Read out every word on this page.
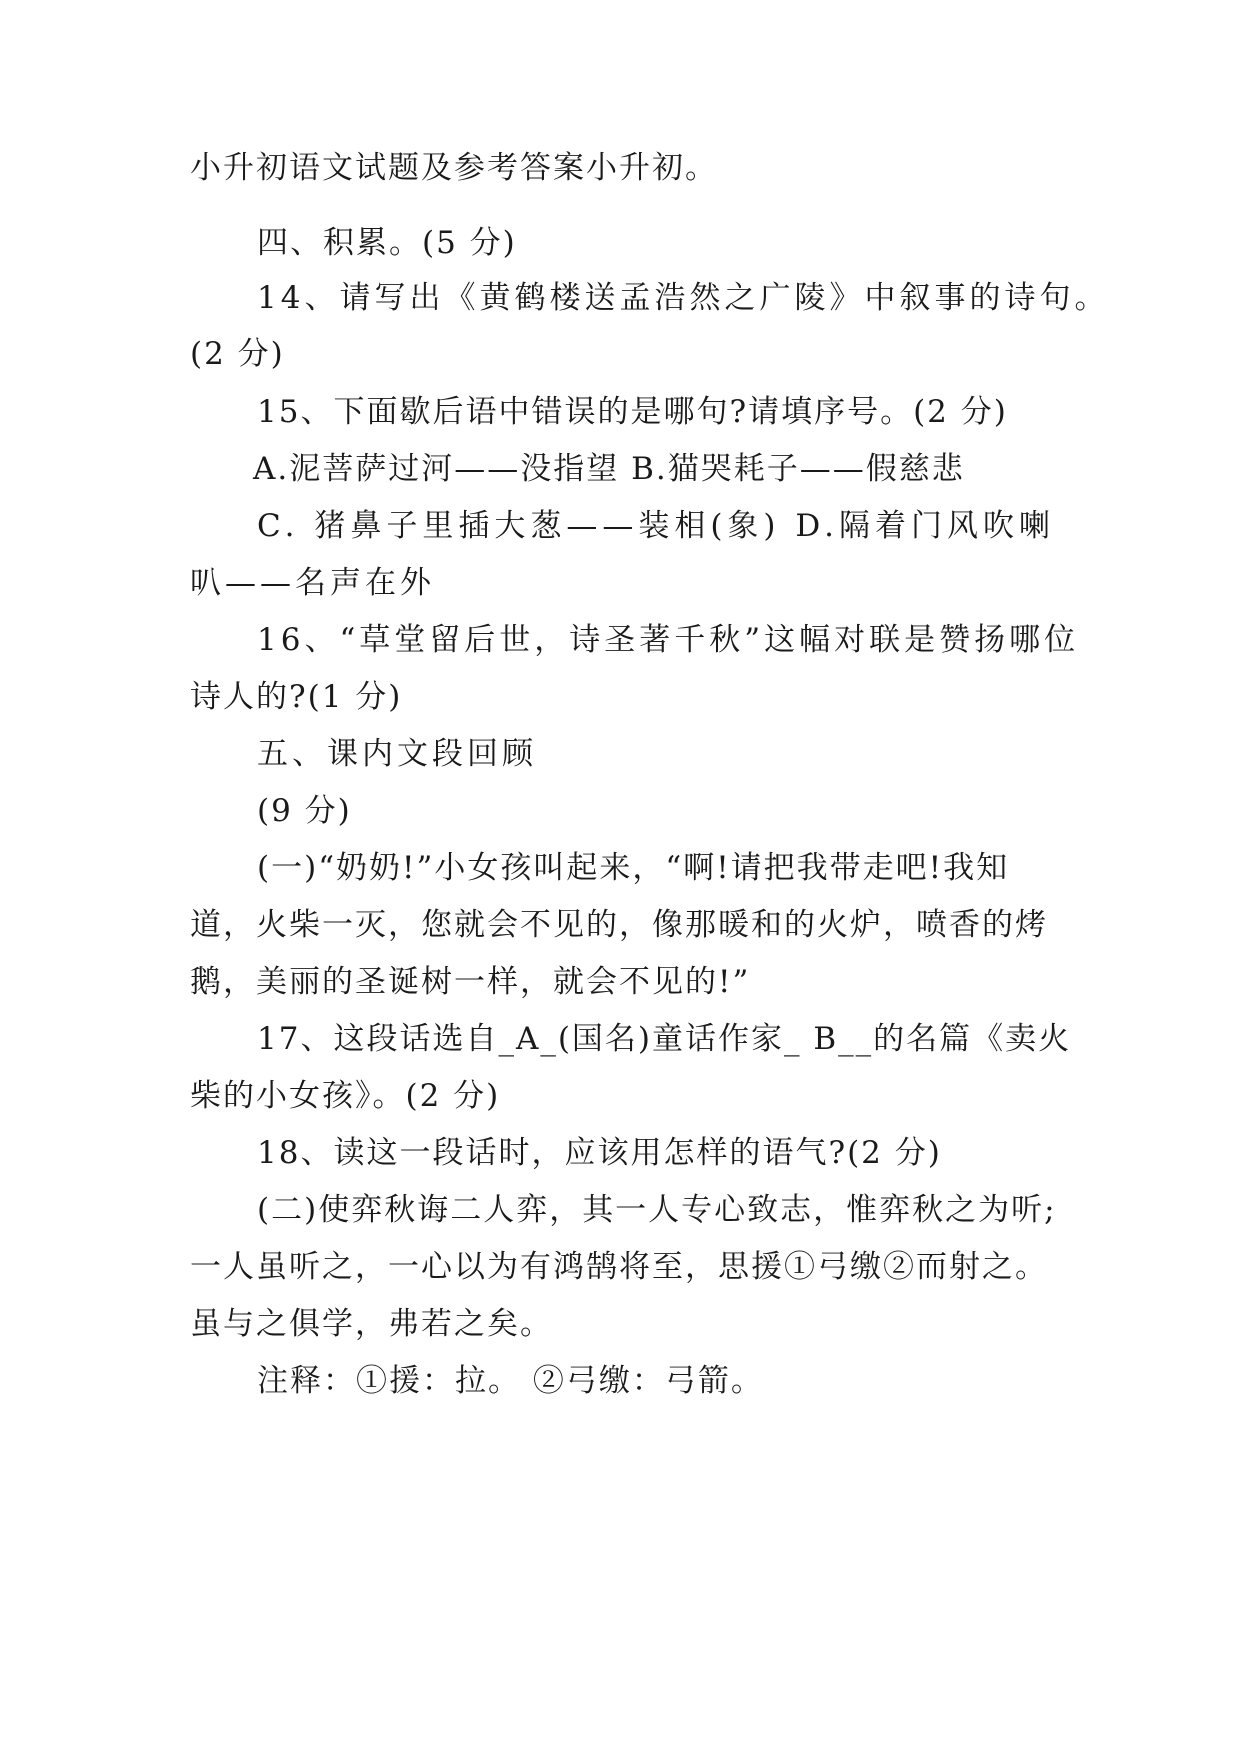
小升初语文试题及参考答案小升初。

四、积累。(5 分)

14、请写出《黄鹤楼送孟浩然之广陵》中叙事的诗句。

(2 分)

15、下面歇后语中错误的是哪句?请填序号。(2 分)

A.泥菩萨过河——没指望 B.猫哭耗子——假慈悲

C. 猪鼻子里插大葱——装相(象) D.隔着门风吹喇

叭——名声在外

16、“草堂留后世，诗圣著千秋”这幅对联是赞扬哪位

诗人的?(1 分)

五、课内文段回顾

(9 分)

(一)“奶奶!”小女孩叫起来，“啊!请把我带走吧!我知

道，火柴一灭，您就会不见的，像那暖和的火炉，喷香的烤

鹅，美丽的圣诞树一样，就会不见的!”

17、这段话选自_A_(国名)童话作家_ B__的名篇《卖火

柴的小女孩》。(2 分)

18、读这一段话时，应该用怎样的语气?(2 分)

(二)使弈秋诲二人弈，其一人专心致志，惟弈秋之为听;

一人虽听之，一心以为有鸿鹄将至，思援①弓缴②而射之。

虽与之俱学，弗若之矣。

注释：①援：拉。 ②弓缴：弓箭。
